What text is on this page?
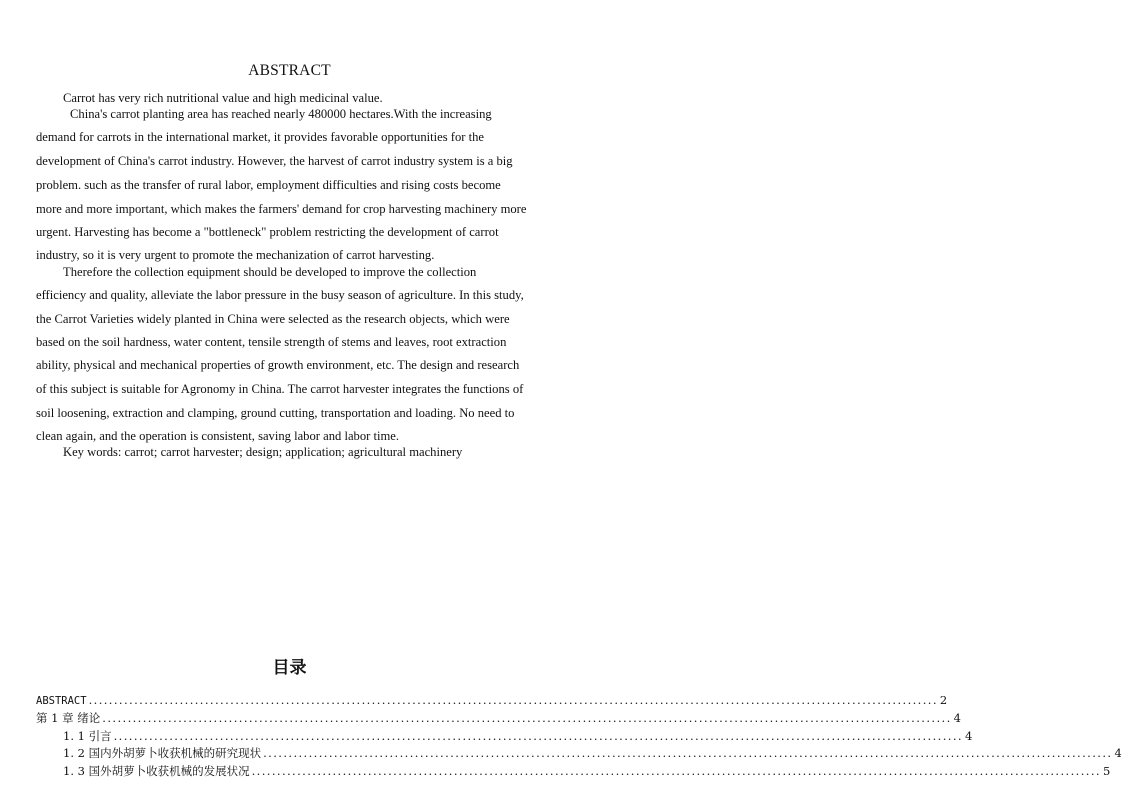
ABSTRACT
Carrot has very rich nutritional value and high medicinal value.
China's carrot planting area has reached nearly 480000 hectares.With the increasing
demand for carrots in the international market, it provides favorable opportunities for the
development of China's carrot industry. However, the harvest of carrot industry system is a big
problem. such as the transfer of rural labor, employment difficulties and rising costs become
more and more important, which makes the farmers' demand for crop harvesting machinery more
urgent. Harvesting has become a "bottleneck" problem restricting the development of carrot
industry, so it is very urgent to promote the mechanization of carrot harvesting.
Therefore the collection equipment should be developed to improve the collection
efficiency and quality, alleviate the labor pressure in the busy season of agriculture. In this study,
the Carrot Varieties widely planted in China were selected as the research objects, which were
based on the soil hardness, water content, tensile strength of stems and leaves, root extraction
ability, physical and mechanical properties of growth environment, etc. The design and research
of this subject is suitable for Agronomy in China. The carrot harvester integrates the functions of
soil loosening, extraction and clamping, ground cutting, transportation and loading. No need to
clean again, and the operation is consistent, saving labor and labor time.
Key words: carrot; carrot harvester; design; application; agricultural machinery
目录
ABSTRACT ........................................................................................................................................................................ 2
第 1 章 绪论 ........................................................................................................................................................................ 4
1. 1 引言 ........................................................................................................................................................................ 4
1. 2 国内外胡萝卜收获机械的研究现状 ........................................................................................................................................................................ 4
1. 3 国外胡萝卜收获机械的发展状况 ........................................................................................................................................................................ 5
